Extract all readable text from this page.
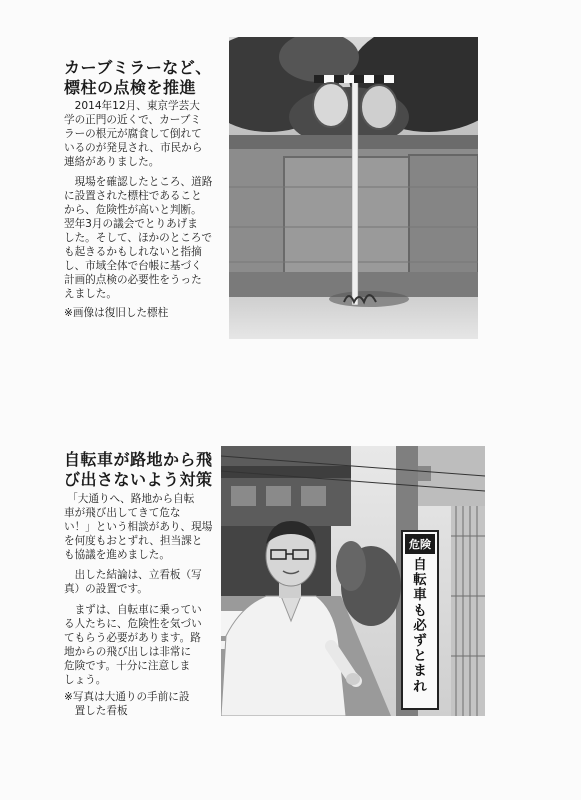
カーブミラーなど、
標柱の点検を推進

2014年12月、東京学芸大
学の正門の近くで、カーブミ
ラーの根元が腐食して倒れて
いるのが発見され、市民から
連絡がありました。

現場を確認したところ、道路
に設置された標柱であること
から、危険性が高いと判断。
翌年3月の議会でとりあげま
した。そして、ほかのところで
も起きるかもしれないと指摘
し、市域全体で台帳に基づく
計画的点検の必要性をうった
えました。

※画像は復旧した標柱

自転車が路地から飛
び出さないよう対策

「大通りへ、路地から自転
車が飛び出してきて危な
い！」という相談があり、現場
を何度もおとずれ、担当課と
も協議を進めました。

出した結論は、立看板（写
真）の設置です。

まずは、自転車に乗ってい
る人たちに、危険性を気づい
てもらう必要があります。路
地からの飛び出しは非常に
危険です。十分に注意しま
しょう。

※写真は大通りの手前に設
置した看板

危険
自
転
車
も
必
ず
と
ま
れ
